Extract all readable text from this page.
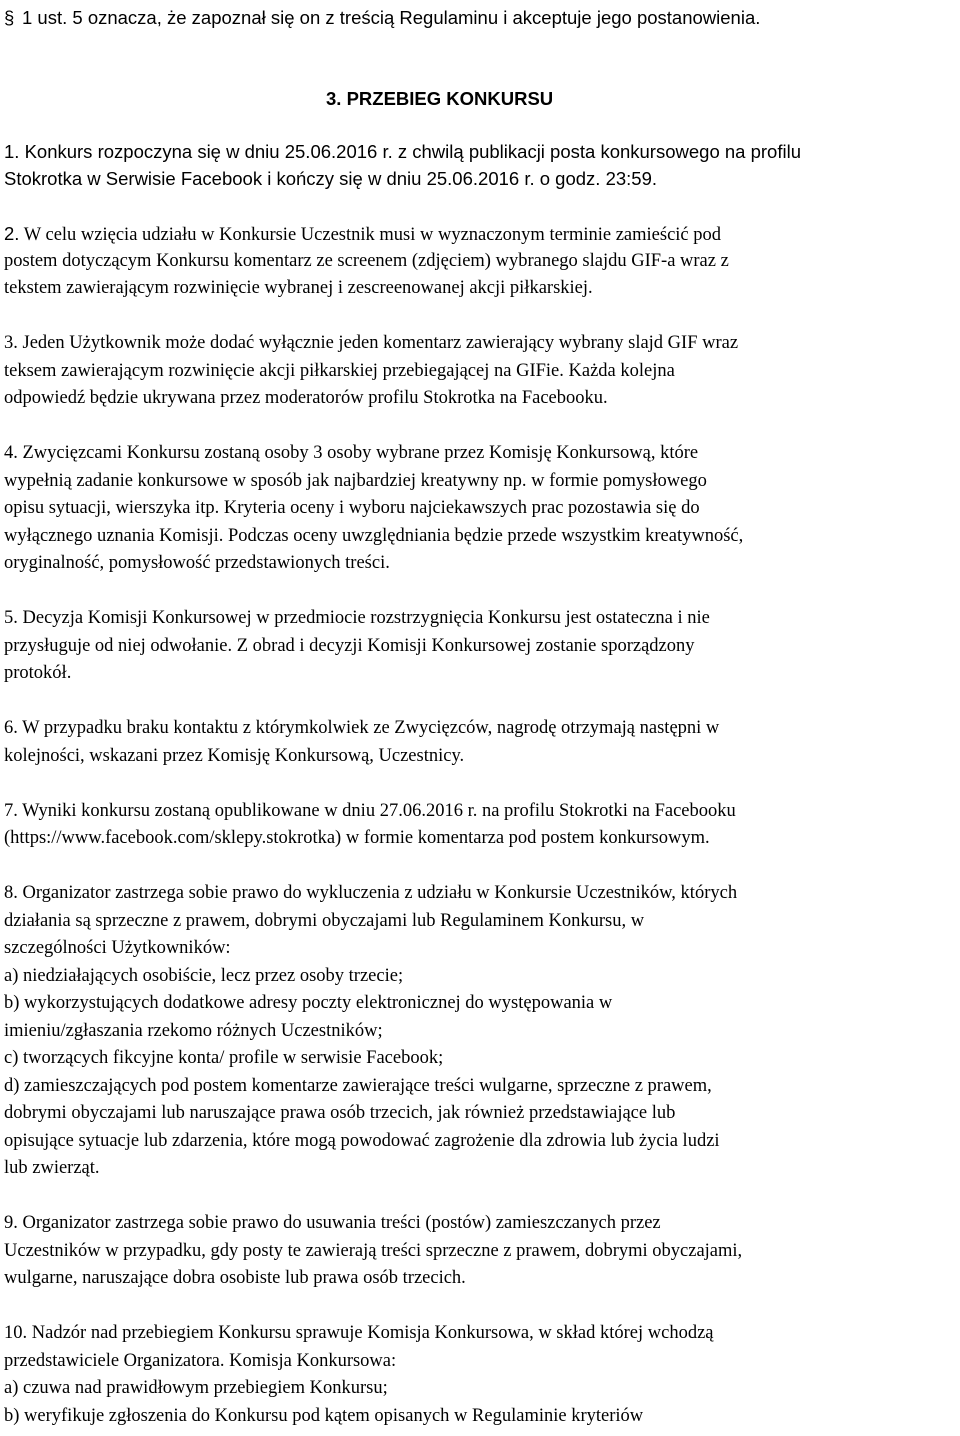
§ 1 ust. 5 oznacza, że zapoznał się on z treścią Regulaminu i akceptuje jego postanowienia.
3. PRZEBIEG KONKURSU
1. Konkurs rozpoczyna się w dniu 25.06.2016 r. z chwilą publikacji posta konkursowego na profilu
Stokrotka w Serwisie Facebook i kończy się w dniu 25.06.2016 r. o godz. 23:59.
2. W celu wzięcia udziału w Konkursie Uczestnik musi w wyznaczonym terminie zamieścić pod
postem dotyczącym Konkursu komentarz ze screenem (zdjęciem) wybranego slajdu GIF-a wraz z
tekstem zawierającym rozwinięcie wybranej i zescreenowanej akcji piłkarskiej.
3. Jeden Użytkownik może dodać wyłącznie jeden komentarz zawierający wybrany slajd GIF wraz
teksem zawierającym rozwinięcie akcji piłkarskiej przebiegającej na GIFie. Każda kolejna
odpowiedź będzie ukrywana przez moderatorów profilu Stokrotka na Facebooku.
4. Zwycięzcami Konkursu zostaną osoby 3 osoby wybrane przez Komisję Konkursową, które
wypełnią zadanie konkursowe w sposób jak najbardziej kreatywny np. w formie pomysłowego
opisu sytuacji, wierszyka itp. Kryteria oceny i wyboru najciekawszych prac pozostawia się do
wyłącznego uznania Komisji. Podczas oceny uwzględniania będzie przede wszystkim kreatywność,
oryginalność, pomysłowość przedstawionych treści.
5. Decyzja Komisji Konkursowej w przedmiocie rozstrzygnięcia Konkursu jest ostateczna i nie
przysługuje od niej odwołanie. Z obrad i decyzji Komisji Konkursowej zostanie sporządzony
protokół.
6. W przypadku braku kontaktu z którymkolwiek ze Zwycięzców, nagrodę otrzymają następni w
kolejności, wskazani przez Komisję Konkursową, Uczestnicy.
7. Wyniki konkursu zostaną opublikowane w dniu 27.06.2016 r. na profilu Stokrotki na Facebooku
(https://www.facebook.com/sklepy.stokrotka) w formie komentarza pod postem konkursowym.
8. Organizator zastrzega sobie prawo do wykluczenia z udziału w Konkursie Uczestników, których
działania są sprzeczne z prawem, dobrymi obyczajami lub Regulaminem Konkursu, w
szczególności Użytkowników:
a) niedziałających osobiście, lecz przez osoby trzecie;
b) wykorzystujących dodatkowe adresy poczty elektronicznej do występowania w
imieniu/zgłaszania rzekomo różnych Uczestników;
c) tworzących fikcyjne konta/ profile w serwisie Facebook;
d) zamieszczających pod postem komentarze zawierające treści wulgarne, sprzeczne z prawem,
dobrymi obyczajami lub naruszające prawa osób trzecich, jak również przedstawiające lub
opisujące sytuacje lub zdarzenia, które mogą powodować zagrożenie dla zdrowia lub życia ludzi
lub zwierząt.
9. Organizator zastrzega sobie prawo do usuwania treści (postów) zamieszczanych przez
Uczestników w przypadku, gdy posty te zawierają treści sprzeczne z prawem, dobrymi obyczajami,
wulgarne, naruszające dobra osobiste lub prawa osób trzecich.
10. Nadzór nad przebiegiem Konkursu sprawuje Komisja Konkursowa, w skład której wchodzą
przedstawiciele Organizatora. Komisja Konkursowa:
a) czuwa nad prawidłowym przebiegiem Konkursu;
b) weryfikuje zgłoszenia do Konkursu pod kątem opisanych w Regulaminie kryteriów
